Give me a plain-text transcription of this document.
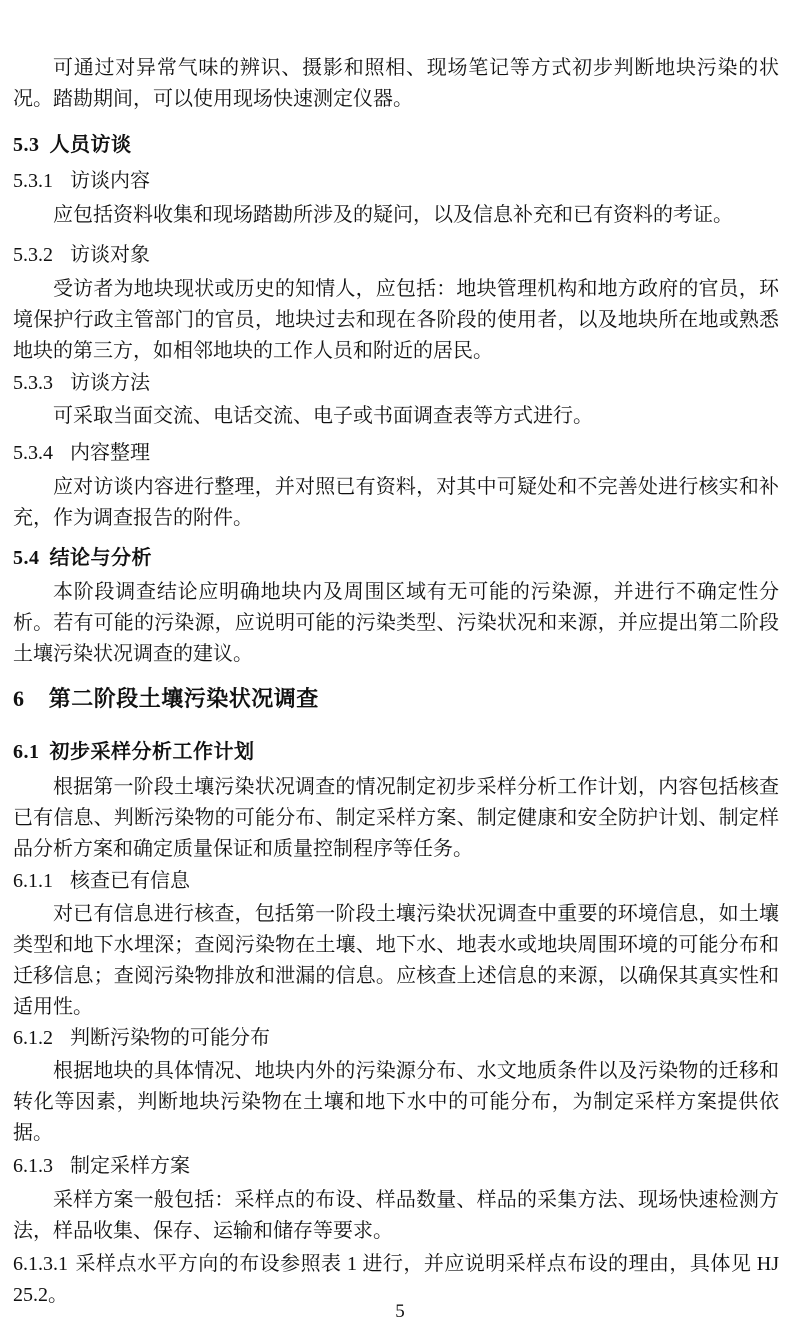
可通过对异常气味的辨识、摄影和照相、现场笔记等方式初步判断地块污染的状况。踏勘期间，可以使用现场快速测定仪器。

5.3 人员访谈
5.3.1 访谈内容

应包括资料收集和现场踏勘所涉及的疑问，以及信息补充和已有资料的考证。

5.3.2 访谈对象

受访者为地块现状或历史的知情人，应包括：地块管理机构和地方政府的官员，环境保护行政主管部门的官员，地块过去和现在各阶段的使用者，以及地块所在地或熟悉地块的第三方，如相邻地块的工作人员和附近的居民。

5.3.3 访谈方法

可采取当面交流、电话交流、电子或书面调查表等方式进行。

5.3.4 内容整理

应对访谈内容进行整理，并对照已有资料，对其中可疑处和不完善处进行核实和补充，作为调查报告的附件。

5.4 结论与分析

本阶段调查结论应明确地块内及周围区域有无可能的污染源，并进行不确定性分析。若有可能的污染源，应说明可能的污染类型、污染状况和来源，并应提出第二阶段土壤污染状况调查的建议。

6 第二阶段土壤污染状况调查
6.1 初步采样分析工作计划

根据第一阶段土壤污染状况调查的情况制定初步采样分析工作计划，内容包括核查已有信息、判断污染物的可能分布、制定采样方案、制定健康和安全防护计划、制定样品分析方案和确定质量保证和质量控制程序等任务。

6.1.1 核查已有信息

对已有信息进行核查，包括第一阶段土壤污染状况调查中重要的环境信息，如土壤类型和地下水埋深；查阅污染物在土壤、地下水、地表水或地块周围环境的可能分布和迁移信息；查阅污染物排放和泄漏的信息。应核查上述信息的来源，以确保其真实性和适用性。

6.1.2 判断污染物的可能分布

根据地块的具体情况、地块内外的污染源分布、水文地质条件以及污染物的迁移和转化等因素，判断地块污染物在土壤和地下水中的可能分布，为制定采样方案提供依据。

6.1.3 制定采样方案

采样方案一般包括：采样点的布设、样品数量、样品的采集方法、现场快速检测方法，样品收集、保存、运输和储存等要求。

6.1.3.1 采样点水平方向的布设参照表 1 进行，并应说明采样点布设的理由，具体见 HJ 25.2。

5
